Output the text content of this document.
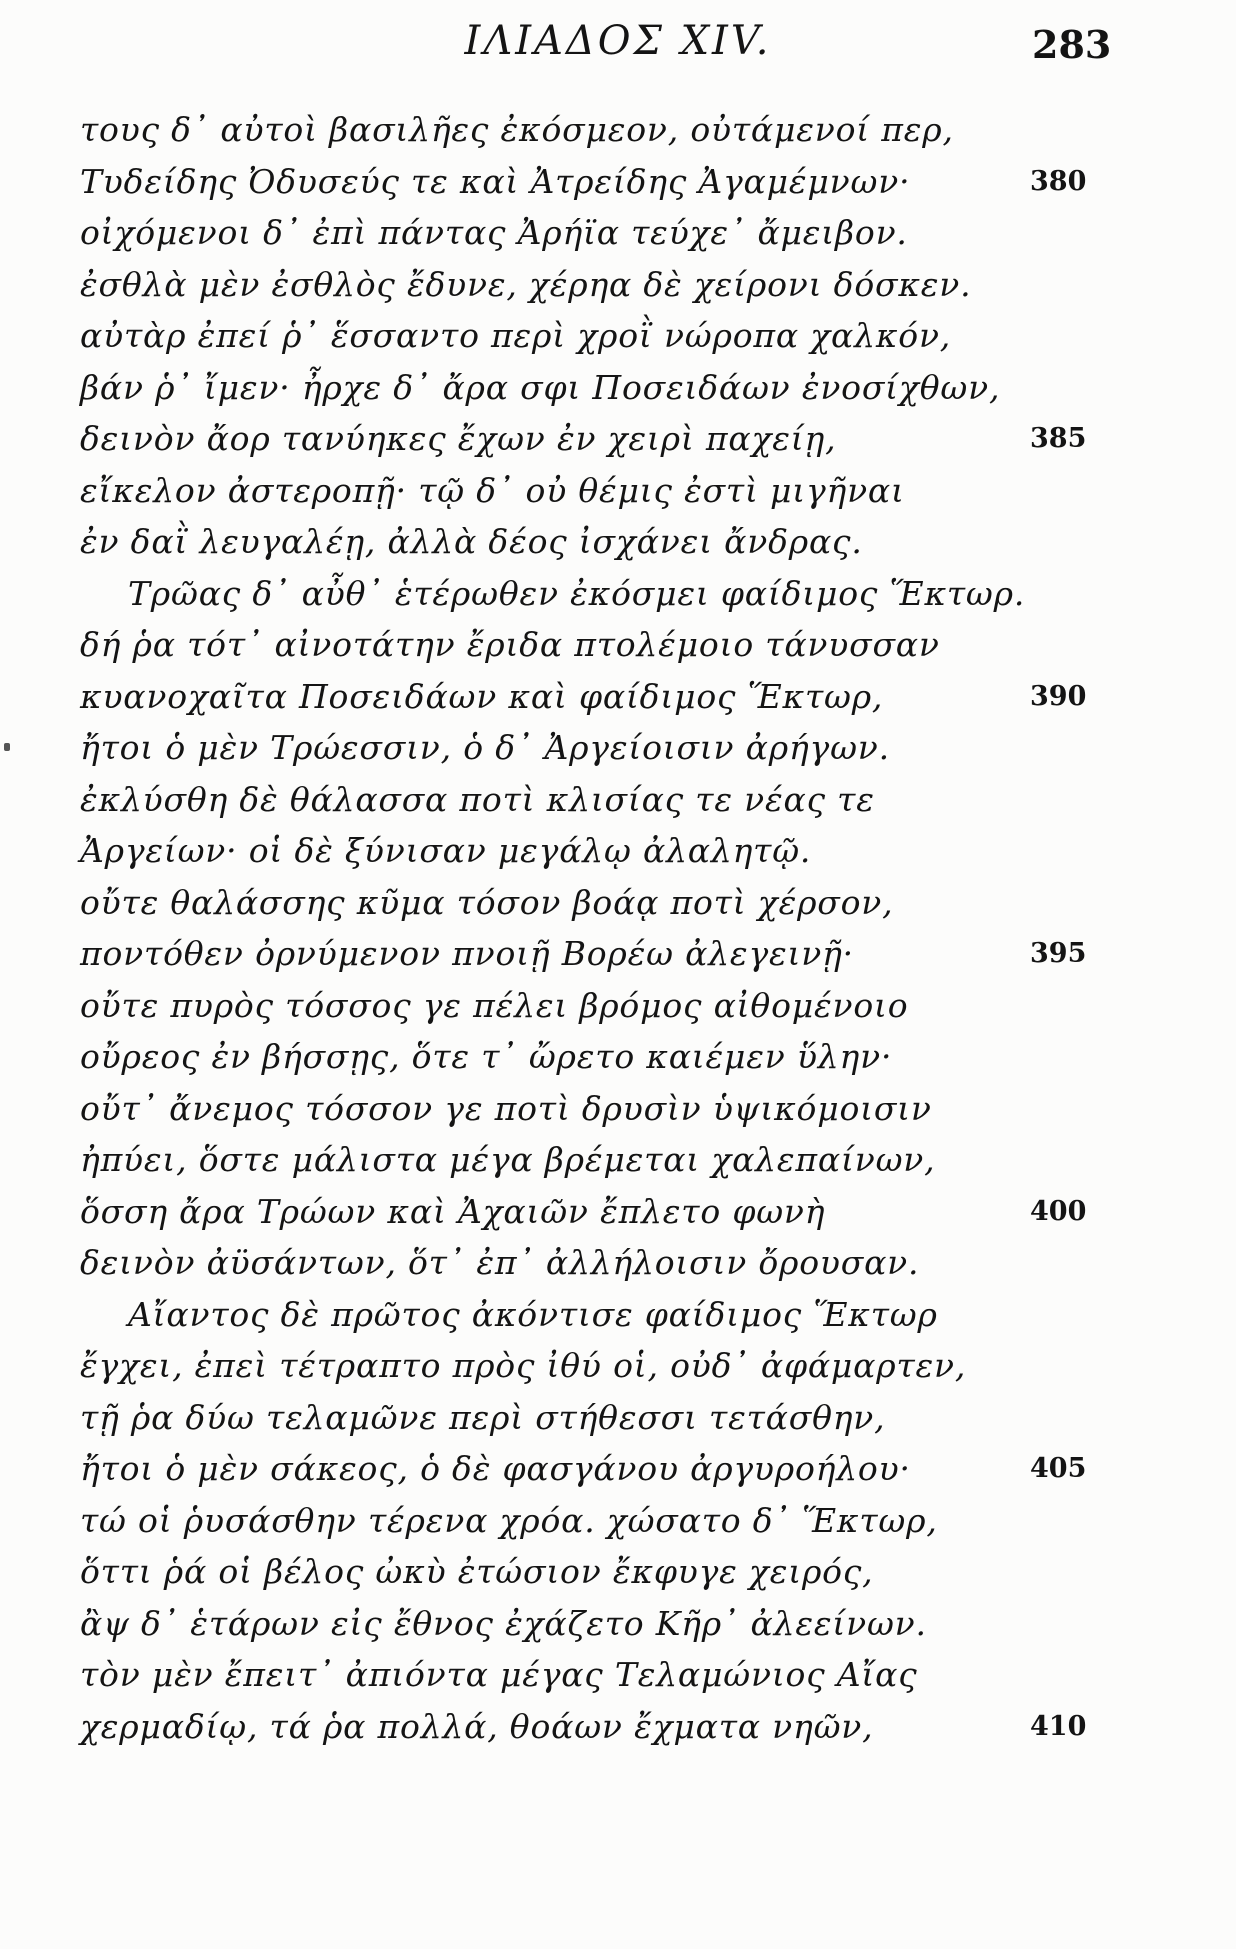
ΙΛΙΑΔΟΣ XIV.	283
τους δ᾽ αὐτοὶ βασιλῆες ἐκόσμεον, οὐτάμενοί περ,
Τυδείδης Ὀδυσεύς τε καὶ Ἀτρείδης Ἀγαμέμνων·	380
οἰχόμενοι δ᾽ ἐπὶ πάντας Ἀρήϊα τεύχε᾽ ἄμειβον.
ἐσθλὰ μὲν ἐσθλὸς ἔδυνε, χέρηα δὲ χείρονι δόσκεν.
αὐτὰρ ἐπεί ῥ᾽ ἕσσαντο περὶ χροῒ νώροπα χαλκόν,
βάν ῥ᾽ ἴμεν· ἦρχε δ᾽ ἄρα σφι Ποσειδάων ἐνοσίχθων,
δεινὸν ἄορ τανύηκες ἔχων ἐν χειρὶ παχείῃ,	385
εἴκελον ἀστεροπῇ· τῷ δ᾽ οὐ θέμις ἐστὶ μιγῆναι
ἐν δαῒ λευγαλέῃ, ἀλλὰ δέος ἰσχάνει ἄνδρας.
Τρῶας δ᾽ αὖθ᾽ ἑτέρωθεν ἐκόσμει φαίδιμος Ἕκτωρ.
δή ῥα τότ᾽ αἰνοτάτην ἔριδα πτολέμοιο τάνυσσαν
κυανοχαῖτα Ποσειδάων καὶ φαίδιμος Ἕκτωρ,	390
ἤτοι ὁ μὲν Τρώεσσιν, ὁ δ᾽ Ἀργείοισιν ἀρήγων.
ἐκλύσθη δὲ θάλασσα ποτὶ κλισίας τε νέας τε
Ἀργείων· οἱ δὲ ξύνισαν μεγάλῳ ἀλαλητῷ.
οὔτε θαλάσσης κῦμα τόσον βοάᾳ ποτὶ χέρσον,
ποντόθεν ὀρνύμενον πνοιῇ Βορέω ἀλεγεινῇ·	395
οὔτε πυρὸς τόσσος γε πέλει βρόμος αἰθομένοιο
οὔρεος ἐν βήσσῃς, ὅτε τ᾽ ὤρετο καιέμεν ὕλην·
οὔτ᾽ ἄνεμος τόσσον γε ποτὶ δρυσὶν ὑψικόμοισιν
ἠπύει, ὅστε μάλιστα μέγα βρέμεται χαλεπαίνων,
ὅσση ἄρα Τρώων καὶ Ἀχαιῶν ἔπλετο φωνὴ	400
δεινὸν ἀϋσάντων, ὅτ᾽ ἐπ᾽ ἀλλήλοισιν ὄρουσαν.
Αἴαντος δὲ πρῶτος ἀκόντισε φαίδιμος Ἕκτωρ
ἔγχει, ἐπεὶ τέτραπτο πρὸς ἰθύ οἱ, οὐδ᾽ ἀφάμαρτεν,
τῇ ῥα δύω τελαμῶνε περὶ στήθεσσι τετάσθην,
ἤτοι ὁ μὲν σάκεος, ὁ δὲ φασγάνου ἀργυροήλου·	405
τώ οἱ ῥυσάσθην τέρενα χρόα. χώσατο δ᾽ Ἕκτωρ,
ὅττι ῥά οἱ βέλος ὠκὺ ἐτώσιον ἔκφυγε χειρός,
ἂψ δ᾽ ἑτάρων εἰς ἔθνος ἐχάζετο Κῆρ᾽ ἀλεείνων.
τὸν μὲν ἔπειτ᾽ ἀπιόντα μέγας Τελαμώνιος Αἴας
χερμαδίῳ, τά ῥα πολλά, θοάων ἔχματα νηῶν,	410
